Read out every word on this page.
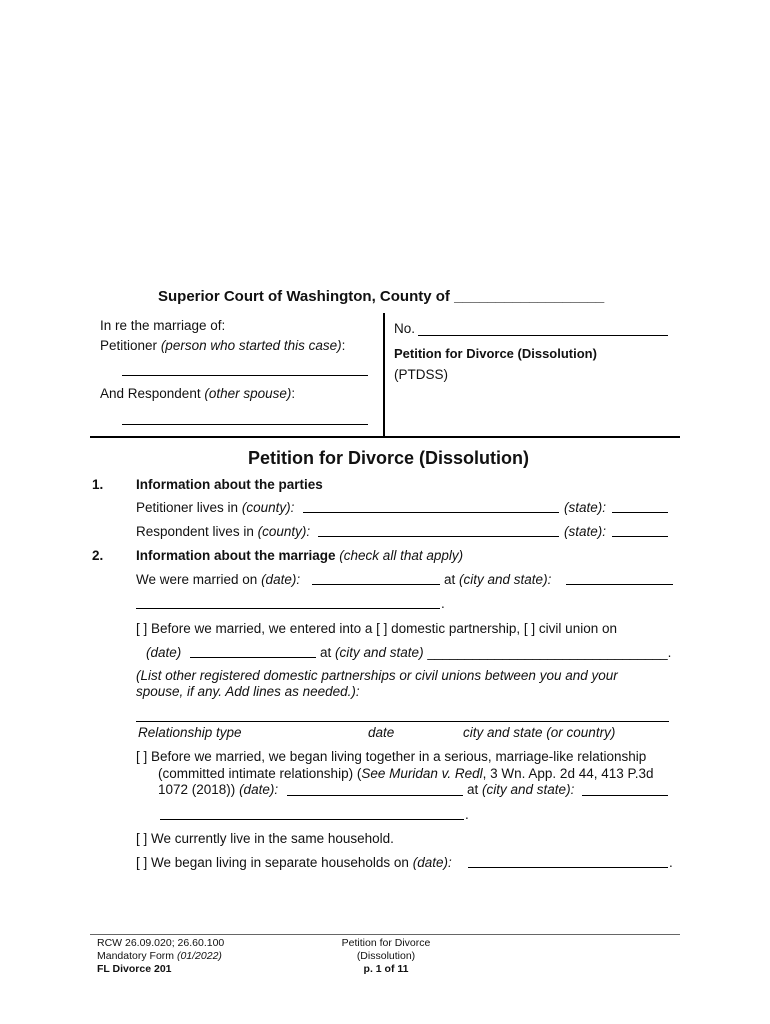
Superior Court of Washington, County of __________________
In re the marriage of:
Petitioner (person who started this case):
And Respondent (other spouse):
No.
Petition for Divorce (Dissolution)
(PTDSS)
Petition for Divorce (Dissolution)
1. Information about the parties
Petitioner lives in (county):	(state):
Respondent lives in (county):	(state):
2. Information about the marriage (check all that apply)
We were married on (date):	at (city and state):
.
[ ] Before we married, we entered into a [ ] domestic partnership, [ ] civil union on
(date)	at (city and state) ________________________________.
(List other registered domestic partnerships or civil unions between you and your spouse, if any. Add lines as needed.):
Relationship type	date	city and state (or country)
[ ] Before we married, we began living together in a serious, marriage-like relationship
(committed intimate relationship) (See Muridan v. Redl, 3 Wn. App. 2d 44, 413 P.3d
1072 (2018)) (date):	at (city and state):
.
[ ] We currently live in the same household.
[ ] We began living in separate households on (date):	.
RCW 26.09.020; 26.60.100
Mandatory Form (01/2022)
FL Divorce 201
Petition for Divorce
(Dissolution)
p. 1 of 11
